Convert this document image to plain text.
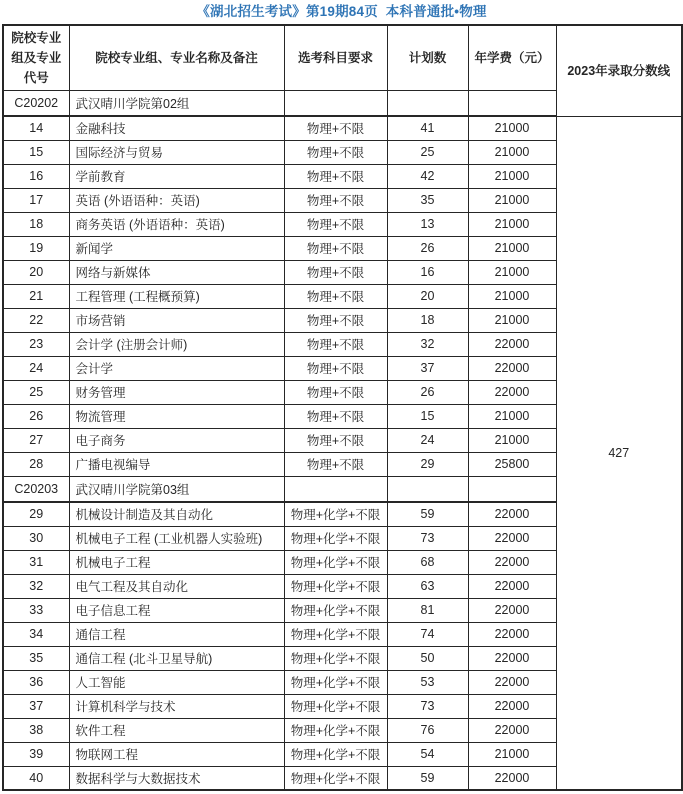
《湖北招生考试》第19期84页  本科普通批•物理
院校专业
组及专业
代号	院校专业组、专业名称及备注	选考科目要求	计划数	年学费（元）	2023年录取分数线
C20202	武汉晴川学院第02组				
14	金融科技	物理+不限	41	21000	427
15	国际经济与贸易	物理+不限	25	21000	
16	学前教育	物理+不限	42	21000	
17	英语 (外语语种：英语)	物理+不限	35	21000	
18	商务英语 (外语语种：英语)	物理+不限	13	21000	
19	新闻学	物理+不限	26	21000	
20	网络与新媒体	物理+不限	16	21000	
21	工程管理 (工程概预算)	物理+不限	20	21000	
22	市场营销	物理+不限	18	21000	
23	会计学 (注册会计师)	物理+不限	32	22000	
24	会计学	物理+不限	37	22000	
25	财务管理	物理+不限	26	22000	
26	物流管理	物理+不限	15	21000	
27	电子商务	物理+不限	24	21000	
28	广播电视编导	物理+不限	29	25800	
C20203	武汉晴川学院第03组				
29	机械设计制造及其自动化	物理+化学+不限	59	22000	
30	机械电子工程 (工业机器人实验班)	物理+化学+不限	73	22000	
31	机械电子工程	物理+化学+不限	68	22000	
32	电气工程及其自动化	物理+化学+不限	63	22000	
33	电子信息工程	物理+化学+不限	81	22000	
34	通信工程	物理+化学+不限	74	22000	
35	通信工程 (北斗卫星导航)	物理+化学+不限	50	22000	
36	人工智能	物理+化学+不限	53	22000	
37	计算机科学与技术	物理+化学+不限	73	22000	
38	软件工程	物理+化学+不限	76	22000	
39	物联网工程	物理+化学+不限	54	21000	
40	数据科学与大数据技术	物理+化学+不限	59	22000	
